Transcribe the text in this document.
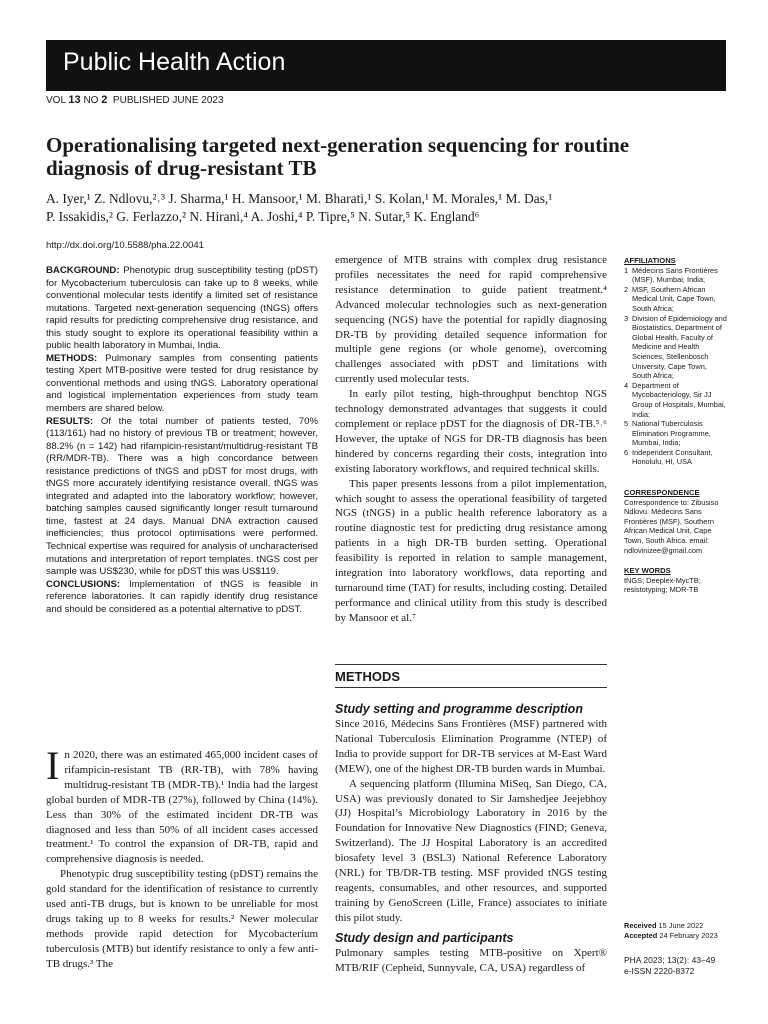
Public Health Action
VOL 13 NO 2 PUBLISHED JUNE 2023
Operationalising targeted next-generation sequencing for routine diagnosis of drug-resistant TB
A. Iyer,¹ Z. Ndlovu,²˒³ J. Sharma,¹ H. Mansoor,¹ M. Bharati,¹ S. Kolan,¹ M. Morales,¹ M. Das,¹
P. Issakidis,² G. Ferlazzo,² N. Hirani,⁴ A. Joshi,⁴ P. Tipre,⁵ N. Sutar,⁵ K. England⁶
http://dx.doi.org/10.5588/pha.22.0041

BACKGROUND: Phenotypic drug susceptibility testing (pDST) for Mycobacterium tuberculosis can take up to 8 weeks, while conventional molecular tests identify a limited set of resistance mutations. Targeted next-generation sequencing (tNGS) offers rapid results for predicting comprehensive drug resistance, and this study sought to explore its operational feasibility within a public health laboratory in Mumbai, India.

METHODS: Pulmonary samples from consenting patients testing Xpert MTB-positive were tested for drug resistance by conventional methods and using tNGS. Laboratory operational and logistical implementation experiences from study team members are shared below.

RESULTS: Of the total number of patients tested, 70% (113/161) had no history of previous TB or treatment; however, 88.2% (n = 142) had rifampicin-resistant/multidrug-resistant TB (RR/MDR-TB). There was a high concordance between resistance predictions of tNGS and pDST for most drugs, with tNGS more accurately identifying resistance overall. tNGS was integrated and adapted into the laboratory workflow; however, batching samples caused significantly longer result turnaround time, fastest at 24 days. Manual DNA extraction caused inefficiencies; thus protocol optimisations were performed. Technical expertise was required for analysis of uncharacterised mutations and interpretation of report templates. tNGS cost per sample was US$230, while for pDST this was US$119.

CONCLUSIONS: Implementation of tNGS is feasible in reference laboratories. It can rapidly identify drug resistance and should be considered as a potential alternative to pDST.

In 2020, there was an estimated 465,000 incident cases of rifampicin-resistant TB (RR-TB), with 78% having multidrug-resistant TB (MDR-TB).¹ India had the largest global burden of MDR-TB (27%), followed by China (14%). Less than 30% of the estimated incident DR-TB was diagnosed and less than 50% of all incident cases accessed treatment.¹ To control the expansion of DR-TB, rapid and comprehensive diagnosis is needed.

Phenotypic drug susceptibility testing (pDST) remains the gold standard for the identification of resistance to currently used anti-TB drugs, but is known to be unreliable for most drugs taking up to 8 weeks for results.² Newer molecular methods provide rapid detection for Mycobacterium tuberculosis (MTB) but identify resistance to only a few anti-TB drugs.³ The

emergence of MTB strains with complex drug resistance profiles necessitates the need for rapid comprehensive resistance determination to guide patient treatment.⁴ Advanced molecular technologies such as next-generation sequencing (NGS) have the potential for rapidly diagnosing DR-TB by providing detailed sequence information for multiple gene regions (or whole genome), overcoming challenges associated with pDST and limitations with currently used molecular tests.

In early pilot testing, high-throughput benchtop NGS technology demonstrated advantages that suggests it could complement or replace pDST for the diagnosis of DR-TB.⁵˒⁶ However, the uptake of NGS for DR-TB diagnosis has been hindered by concerns regarding their costs, integration into existing laboratory workflows, and required technical skills.

This paper presents lessons from a pilot implementation, which sought to assess the operational feasibility of targeted NGS (tNGS) in a public health reference laboratory as a routine diagnostic test for predicting drug resistance among patients in a high DR-TB burden setting. Operational feasibility is reported in relation to sample management, integration into laboratory workflows, data reporting and turnaround time (TAT) for results, including costing. Detailed performance and clinical utility from this study is described by Mansoor et al.⁷

METHODS
Study setting and programme description

Since 2016, Médecins Sans Frontières (MSF) partnered with National Tuberculosis Elimination Programme (NTEP) of India to provide support for DR-TB services at M-East Ward (MEW), one of the highest DR-TB burden wards in Mumbai.

A sequencing platform (Illumina MiSeq, San Diego, CA, USA) was previously donated to Sir Jamshedjee Jeejebhoy (JJ) Hospital’s Microbiology Laboratory in 2016 by the Foundation for Innovative New Diagnostics (FIND; Geneva, Switzerland). The JJ Hospital Laboratory is an accredited biosafety level 3 (BSL3) National Reference Laboratory (NRL) for TB/DR-TB testing. MSF provided tNGS testing reagents, consumables, and other resources, and supported training by GenoScreen (Lille, France) associates to initiate this pilot study.

Study design and participants

Pulmonary samples testing MTB-positive on Xpert® MTB/RIF (Cepheid, Sunnyvale, CA, USA) regardless of

AFFILIATIONS
1 Médecins Sans Frontières (MSF), Mumbai, India;
2 MSF, Southern African Medical Unit, Cape Town, South Africa;
3 Division of Epidemiology and Biostatistics, Department of Global Health, Faculty of Medicine and Health Sciences, Stellenbosch University, Cape Town, South Africa;
4 Department of Mycobacteriology, Sir JJ Group of Hospitals, Mumbai, India;
5 National Tuberculosis Elimination Programme, Mumbai, India;
6 Independent Consultant, Honolulu, HI, USA
CORRESPONDENCE
Correspondence to: Zibusiso Ndlovu. Médecins Sans Frontières (MSF), Southern African Medical Unit, Cape Town, South Africa. email: ndlovinizee@gmail.com
KEY WORDS
tNGS; Deeplex-MycTB; resistotyping; MDR-TB
Received 15 June 2022
Accepted 24 February 2023
PHA 2023; 13(2): 43–49
e-ISSN 2220-8372
